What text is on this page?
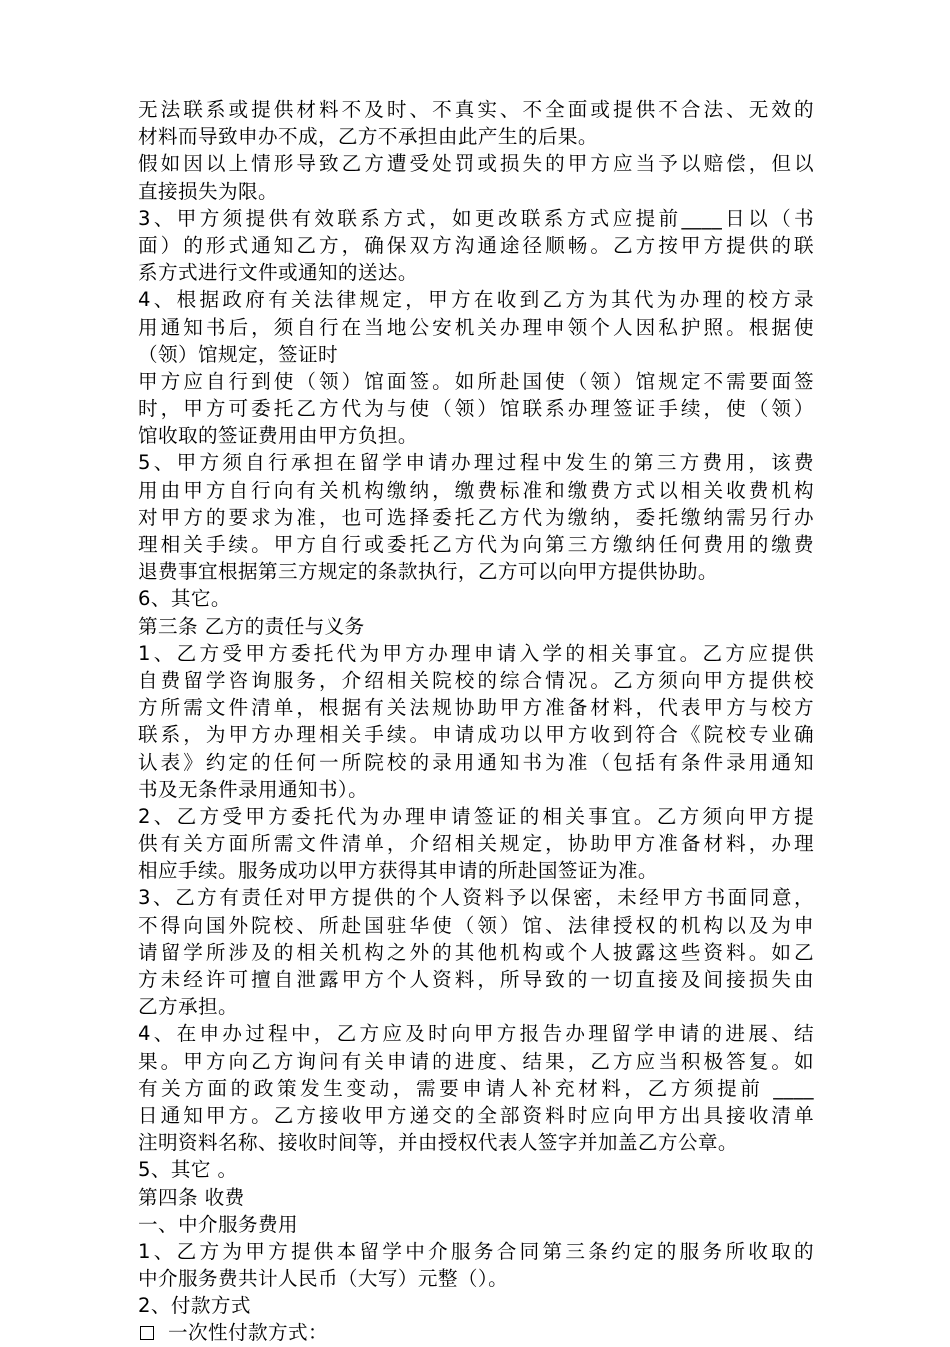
无法联系或提供材料不及时、不真实、不全面或提供不合法、无效的
材料而导致申办不成，乙方不承担由此产生的后果。
假如因以上情形导致乙方遭受处罚或损失的甲方应当予以赔偿，但以
直接损失为限。
3、甲方须提供有效联系方式，如更改联系方式应提前____日以（书
面）的形式通知乙方，确保双方沟通途径顺畅。乙方按甲方提供的联
系方式进行文件或通知的送达。
4、根据政府有关法律规定，甲方在收到乙方为其代为办理的校方录
用通知书后，须自行在当地公安机关办理申领个人因私护照。根据使
（领）馆规定，签证时
甲方应自行到使（领）馆面签。如所赴国使（领）馆规定不需要面签
时，甲方可委托乙方代为与使（领）馆联系办理签证手续，使（领）
馆收取的签证费用由甲方负担。
5、甲方须自行承担在留学申请办理过程中发生的第三方费用，该费
用由甲方自行向有关机构缴纳，缴费标准和缴费方式以相关收费机构
对甲方的要求为准，也可选择委托乙方代为缴纳，委托缴纳需另行办
理相关手续。甲方自行或委托乙方代为向第三方缴纳任何费用的缴费
退费事宜根据第三方规定的条款执行，乙方可以向甲方提供协助。
6、其它。
第三条 乙方的责任与义务
1、乙方受甲方委托代为甲方办理申请入学的相关事宜。乙方应提供
自费留学咨询服务，介绍相关院校的综合情况。乙方须向甲方提供校
方所需文件清单，根据有关法规协助甲方准备材料，代表甲方与校方
联系，为甲方办理相关手续。申请成功以甲方收到符合《院校专业确
认表》约定的任何一所院校的录用通知书为准（包括有条件录用通知
书及无条件录用通知书）。
2、乙方受甲方委托代为办理申请签证的相关事宜。乙方须向甲方提
供有关方面所需文件清单，介绍相关规定，协助甲方准备材料，办理
相应手续。服务成功以甲方获得其申请的所赴国签证为准。
3、乙方有责任对甲方提供的个人资料予以保密，未经甲方书面同意，
不得向国外院校、所赴国驻华使（领）馆、法律授权的机构以及为申
请留学所涉及的相关机构之外的其他机构或个人披露这些资料。如乙
方未经许可擅自泄露甲方个人资料，所导致的一切直接及间接损失由
乙方承担。
4、在申办过程中，乙方应及时向甲方报告办理留学申请的进展、结
果。甲方向乙方询问有关申请的进度、结果，乙方应当积极答复。如
有关方面的政策发生变动，需要申请人补充材料，乙方须提前 ____
日通知甲方。乙方接收甲方递交的全部资料时应向甲方出具接收清单
注明资料名称、接收时间等，并由授权代表人签字并加盖乙方公章。
5、其它 。
第四条 收费
一、中介服务费用
1、乙方为甲方提供本留学中介服务合同第三条约定的服务所收取的
中介服务费共计人民币（大写）元整（）。
2、付款方式
一次性付款方式：
